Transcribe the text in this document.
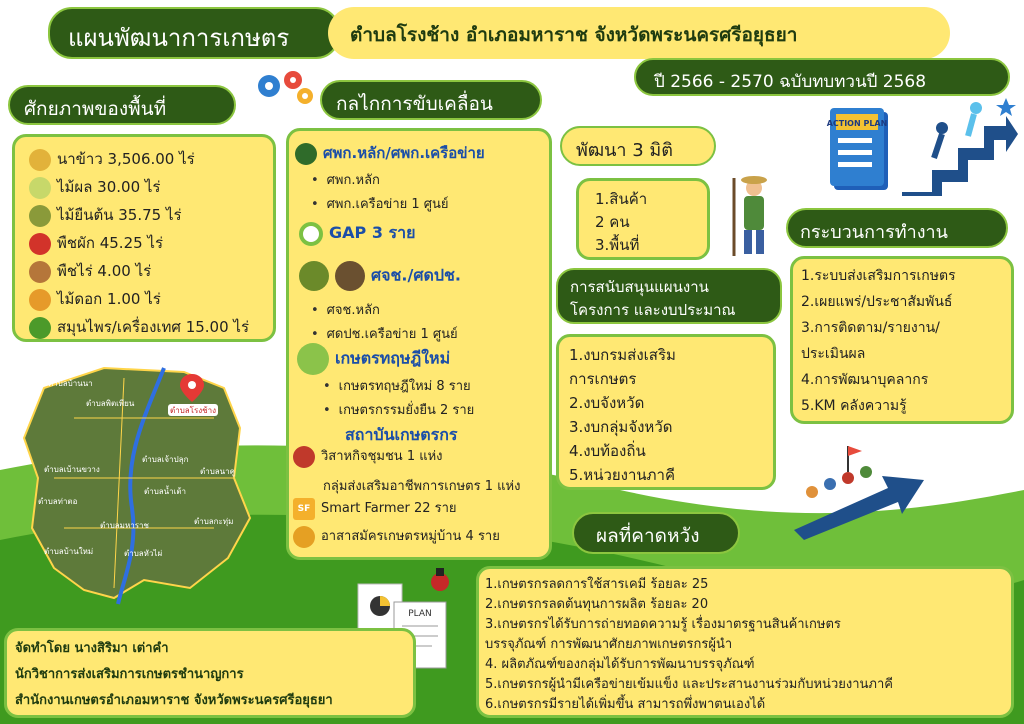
แผนพัฒนาการเกษตร	ตำบลโรงช้าง อำเภอมหาราช จังหวัดพระนครศรีอยุธยา
ปี 2566 - 2570 ฉบับทบทวนปี 2568
ศักยภาพของพื้นที่
นาข้าว 3,506.00 ไร่
ไม้ผล 30.00 ไร่
ไม้ยืนต้น 35.75 ไร่
พืชผัก 45.25 ไร่
พืชไร่ 4.00 ไร่
ไม้ดอก 1.00 ไร่
สมุนไพร/เครื่องเทศ 15.00 ไร่
กลไกการขับเคลื่อน
ศพก.หลัก/ศพก.เครือข่าย
• ศพก.หลัก
• ศพก.เครือข่าย 1 ศูนย์
GAP 3 ราย
ศจช./ศดปช.
• ศจช.หลัก
• ศดปช.เครือข่าย 1 ศูนย์
เกษตรทฤษฎีใหม่
• เกษตรทฤษฎีใหม่ 8 ราย
• เกษตรกรรมยั่งยืน 2 ราย
สถาบันเกษตรกร
วิสาหกิจชุมชน 1 แห่ง
กลุ่มส่งเสริมอาชีพการเกษตร 1 แห่ง
SF Smart Farmer 22 ราย
อาสาสมัครเกษตรหมู่บ้าน 4 ราย
พัฒนา 3 มิติ
1.สินค้า
2 คน
3.พื้นที่
ACTION PLAN
กระบวนการทำงาน
1.ระบบส่งเสริมการเกษตร
2.เผยแพร่/ประชาสัมพันธ์
3.การติดตาม/รายงาน/
ประเมินผล
4.การพัฒนาบุคลากร
5.KM คลังความรู้
การสนับสนุนแผนงาน
โครงการ และงบประมาณ
1.งบกรมส่งเสริม
การเกษตร
2.งบจังหวัด
3.งบกลุ่มจังหวัด
4.งบท้องถิ่น
5.หน่วยงานภาคี
ตำบลโรงช้าง
ตำบลบ้านนา
ตำบลพิตเพียน
ตำบลเจ้าปลุก
ตำบลเบ้านขวาง	ตำบลนาคู
ตำบลท่าตอ
ตำบลน้ำเต้า
ตำบลมหาราช	ตำบลกะทุ่ม
ตำบลบ้านใหม่	ตำบลหัวไผ่
ผลที่คาดหวัง
PLAN
1.เกษตรกรลดการใช้สารเคมี ร้อยละ 25
2.เกษตรกรลดต้นทุนการผลิต ร้อยละ 20
3.เกษตรกรได้รับการถ่ายทอดความรู้ เรื่องมาตรฐานสินค้าเกษตร
บรรจุภัณฑ์ การพัฒนาศักยภาพเกษตรกรผู้นำ
4. ผลิตภัณฑ์ของกลุ่มได้รับการพัฒนาบรรจุภัณฑ์
5.เกษตรกรผู้นำมีเครือข่ายเข้มแข็ง และประสานงานร่วมกับหน่วยงานภาคี
6.เกษตรกรมีรายได้เพิ่มขึ้น สามารถพึ่งพาตนเองได้
จัดทำโดย นางสิริมา เต่าคำ
นักวิชาการส่งเสริมการเกษตรชำนาญการ
สำนักงานเกษตรอำเภอมหาราช จังหวัดพระนครศรีอยุธยา
